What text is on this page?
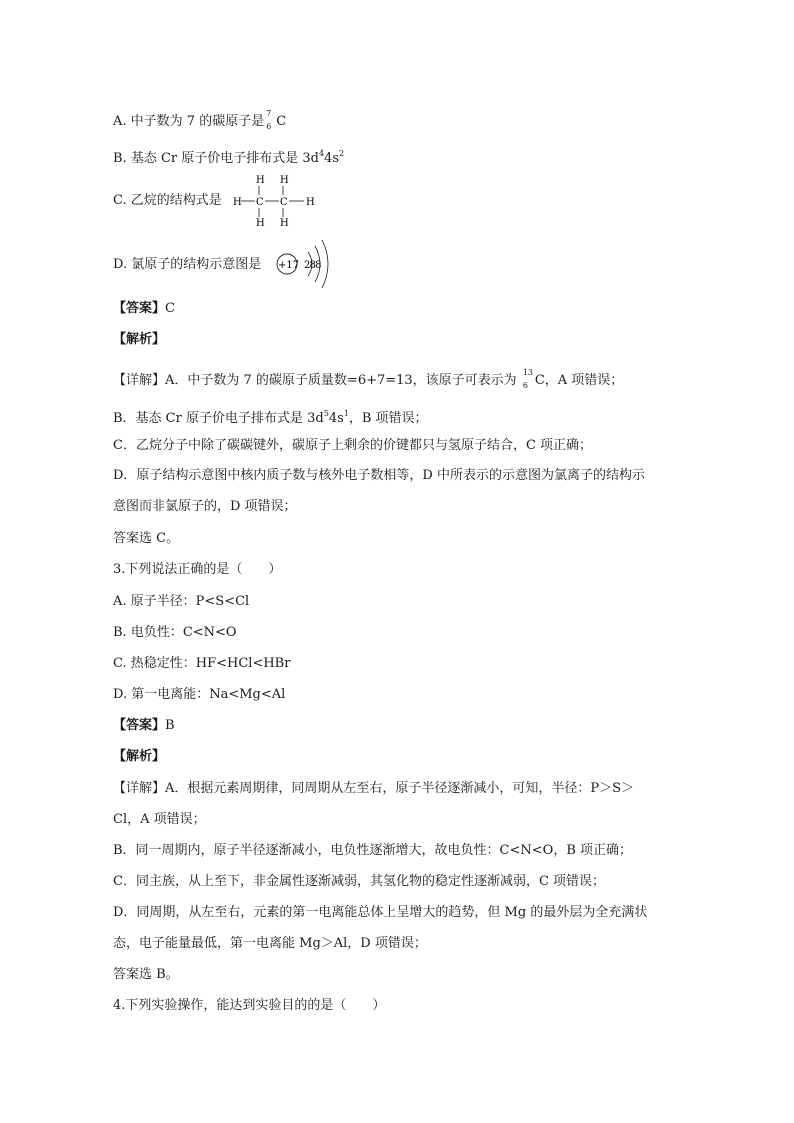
A. 中子数为 7 的碳原子是
7
6 C
B. 基态 Cr 原子价电子排布式是 $3d^44s^2$
C. 乙烷的结构式是
H H
H C C H
H H
D. 氯原子的结构示意图是 +17 2 8 8
【答案】C
【解析】
【详解】A．中子数为 7 的碳原子质量数=6+7=13，该原子可表示为
13
6 C，A 项错误；
B．基态 Cr 原子价电子排布式是 $3d^54s^1$，B 项错误；
C．乙烷分子中除了碳碳键外，碳原子上剩余的价键都只与氢原子结合，C 项正确；
D．原子结构示意图中核内质子数与核外电子数相等，D 中所表示的示意图为氯离子的结构示
意图而非氯原子的，D 项错误；
答案选 C。
3.下列说法正确的是（　　）
A. 原子半径：P<S<Cl
B. 电负性：C<N<O
C. 热稳定性：HF<HCl<HBr
D. 第一电离能：Na<Mg<Al
【答案】B
【解析】
【详解】A．根据元素周期律，同周期从左至右，原子半径逐渐减小，可知，半径：P＞S＞
Cl，A 项错误；
B．同一周期内，原子半径逐渐减小，电负性逐渐增大，故电负性：C<N<O，B 项正确；
C．同主族，从上至下，非金属性逐渐减弱，其氢化物的稳定性逐渐减弱，C 项错误；
D．同周期，从左至右，元素的第一电离能总体上呈增大的趋势，但 Mg 的最外层为全充满状
态，电子能量最低，第一电离能 Mg＞Al，D 项错误；
答案选 B。
4.下列实验操作，能达到实验目的的是（　　）
